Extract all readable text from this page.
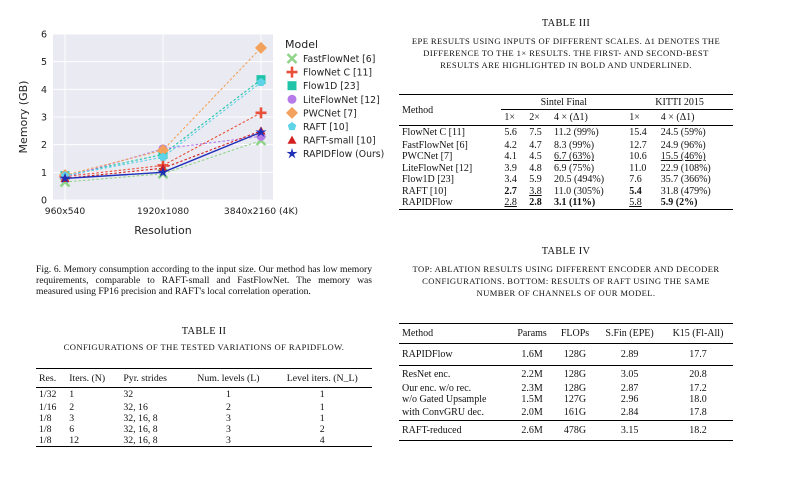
0
1
2
3
4
5
6
960x540	1920x1080	3840x2160 (4K)
Resolution
Memory (GB)
Model
FastFlowNet [6]
FlowNet C [11]
Flow1D [23]
LiteFlowNet [12]
PWCNet [7]
RAFT [10]
RAFT-small [10]
RAPIDFlow (Ours)
Fig. 6. Memory consumption according to the input size. Our method has low memory requirements, comparable to RAFT-small and FastFlowNet. The memory was measured using FP16 precision and RAFT's local correlation operation.
TABLE II
CONFIGURATIONS OF THE TESTED VARIATIONS OF RAPIDFLOW.
Res.	Iters. (N)	Pyr. strides	Num. levels (L)	Level iters. (N_L)
1/32	1	32	1	1
1/16	2	32, 16	2	1
1/8	3	32, 16, 8	3	1
1/8	6	32, 16, 8	3	2
1/8	12	32, 16, 8	3	4
TABLE III
EPE RESULTS USING INPUTS OF DIFFERENT SCALES. Δ1 DENOTES THE
DIFFERENCE TO THE 1× RESULTS. THE FIRST- AND SECOND-BEST
RESULTS ARE HIGHLIGHTED IN BOLD AND UNDERLINED.
Method	Sintel Final			KITTI 2015	
	1×	2×	4 × (Δ1)	1×	4 × (Δ1)
FlowNet C [11]	5.6	7.5	11.2 (99%)	15.4	24.5 (59%)
FastFlowNet [6]	4.2	4.7	8.3 (99%)	12.7	24.9 (96%)
PWCNet [7]	4.1	4.5	6.7 (63%)	10.6	15.5 (46%)
LiteFlowNet [12]	3.9	4.8	6.9 (75%)	11.0	22.9 (108%)
Flow1D [23]	3.4	5.9	20.5 (494%)	7.6	35.7 (366%)
RAFT [10]	2.7	3.8	11.0 (305%)	5.4	31.8 (479%)
RAPIDFlow	2.8	2.8	3.1 (11%)	5.8	5.9 (2%)
TABLE IV
TOP: ABLATION RESULTS USING DIFFERENT ENCODER AND DECODER
CONFIGURATIONS. BOTTOM: RESULTS OF RAFT USING THE SAME
NUMBER OF CHANNELS OF OUR MODEL.
Method	Params	FLOPs	S.Fin (EPE)	K15 (Fl-All)
RAPIDFlow	1.6M	128G	2.89	17.7
ResNet enc.	2.2M	128G	3.05	20.8
Our enc. w/o rec.	2.3M	128G	2.87	17.2
w/o Gated Upsample	1.5M	127G	2.96	18.0
with ConvGRU dec.	2.0M	161G	2.84	17.8
RAFT-reduced	2.6M	478G	3.15	18.2
